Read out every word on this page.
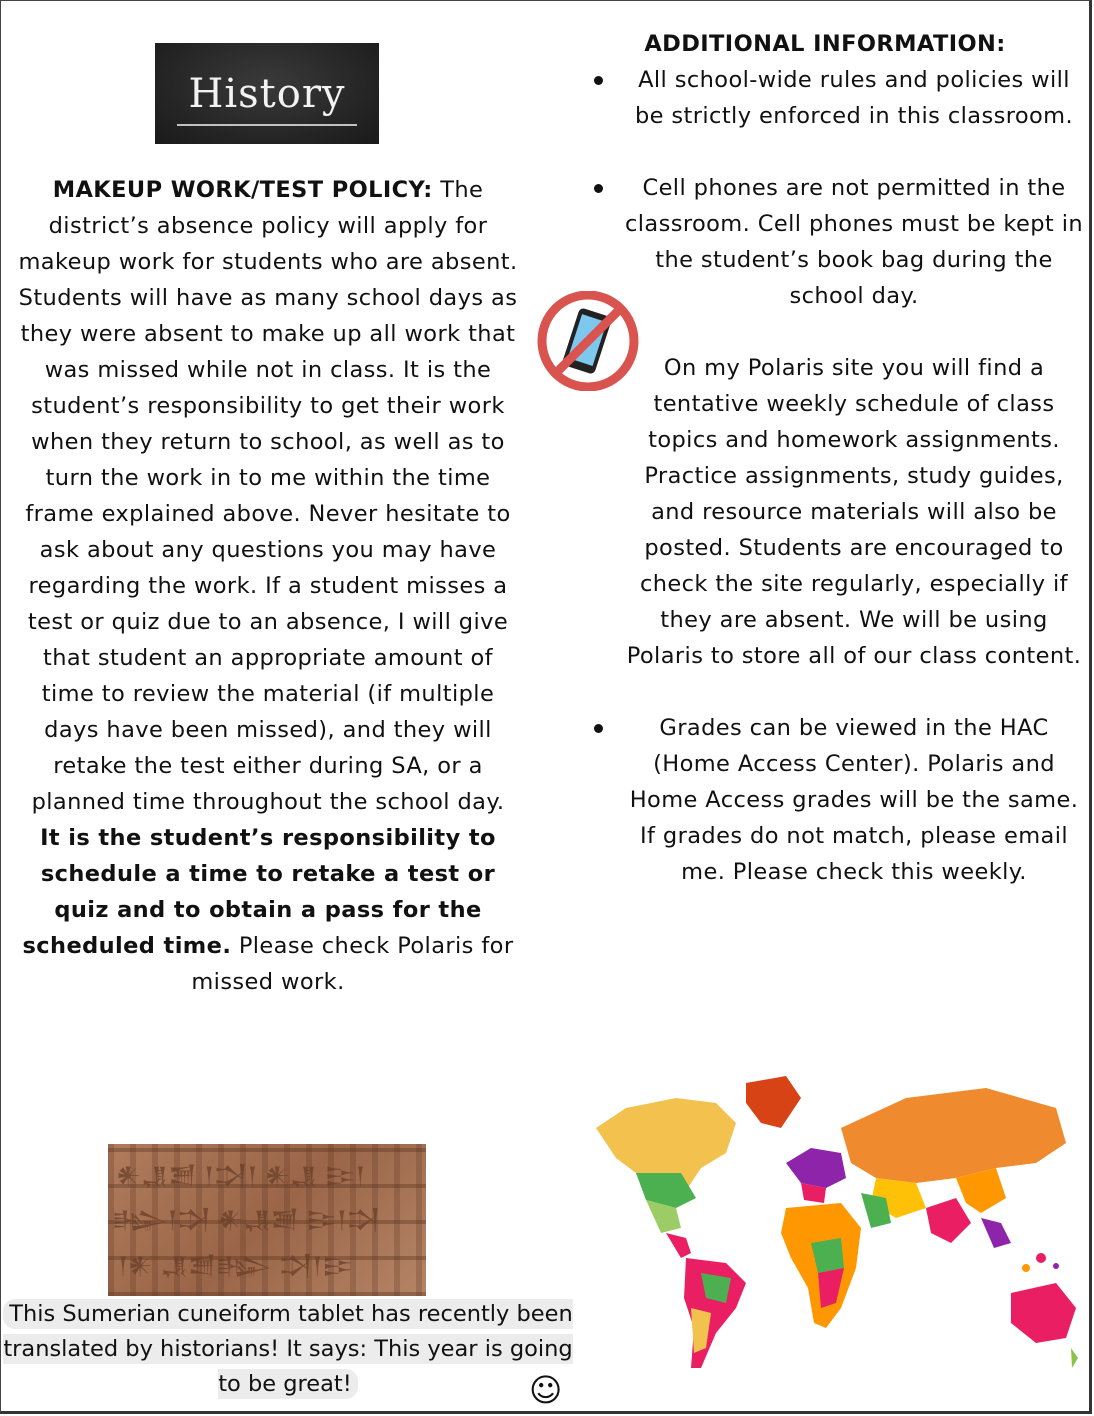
History
MAKEUP WORK/TEST POLICY: The district’s absence policy will apply for makeup work for students who are absent. Students will have as many school days as they were absent to make up all work that was missed while not in class. It is the student’s responsibility to get their work when they return to school, as well as to turn the work in to me within the time frame explained above. Never hesitate to ask about any questions you may have regarding the work. If a student misses a test or quiz due to an absence, I will give that student an appropriate amount of time to review the material (if multiple days have been missed), and they will retake the test either during SA, or a planned time throughout the school day. It is the student’s responsibility to schedule a time to retake a test or quiz and to obtain a pass for the scheduled time. Please check Polaris for missed work.
𒀭𒂗𒍪 𒁹𒋫𒁹 𒀭𒂗 𒄿𒁹
𒈗𒁹𒋫 𒀭𒂗𒍪 𒄿𒁹𒋫
𒁹𒀭 𒂗𒍪𒈗 𒋫𒁹𒄿
This Sumerian cuneiform tablet has recently been translated by historians! It says: This year is going to be great!	☺
ADDITIONAL INFORMATION:
All school-wide rules and policies will be strictly enforced in this classroom.
Cell phones are not permitted in the classroom. Cell phones must be kept in the student’s book bag during the school day.
On my Polaris site you will find a tentative weekly schedule of class topics and homework assignments. Practice assignments, study guides, and resource materials will also be posted. Students are encouraged to check the site regularly, especially if they are absent. We will be using Polaris to store all of our class content.
Grades can be viewed in the HAC (Home Access Center). Polaris and Home Access grades will be the same. If grades do not match, please email me. Please check this weekly.
